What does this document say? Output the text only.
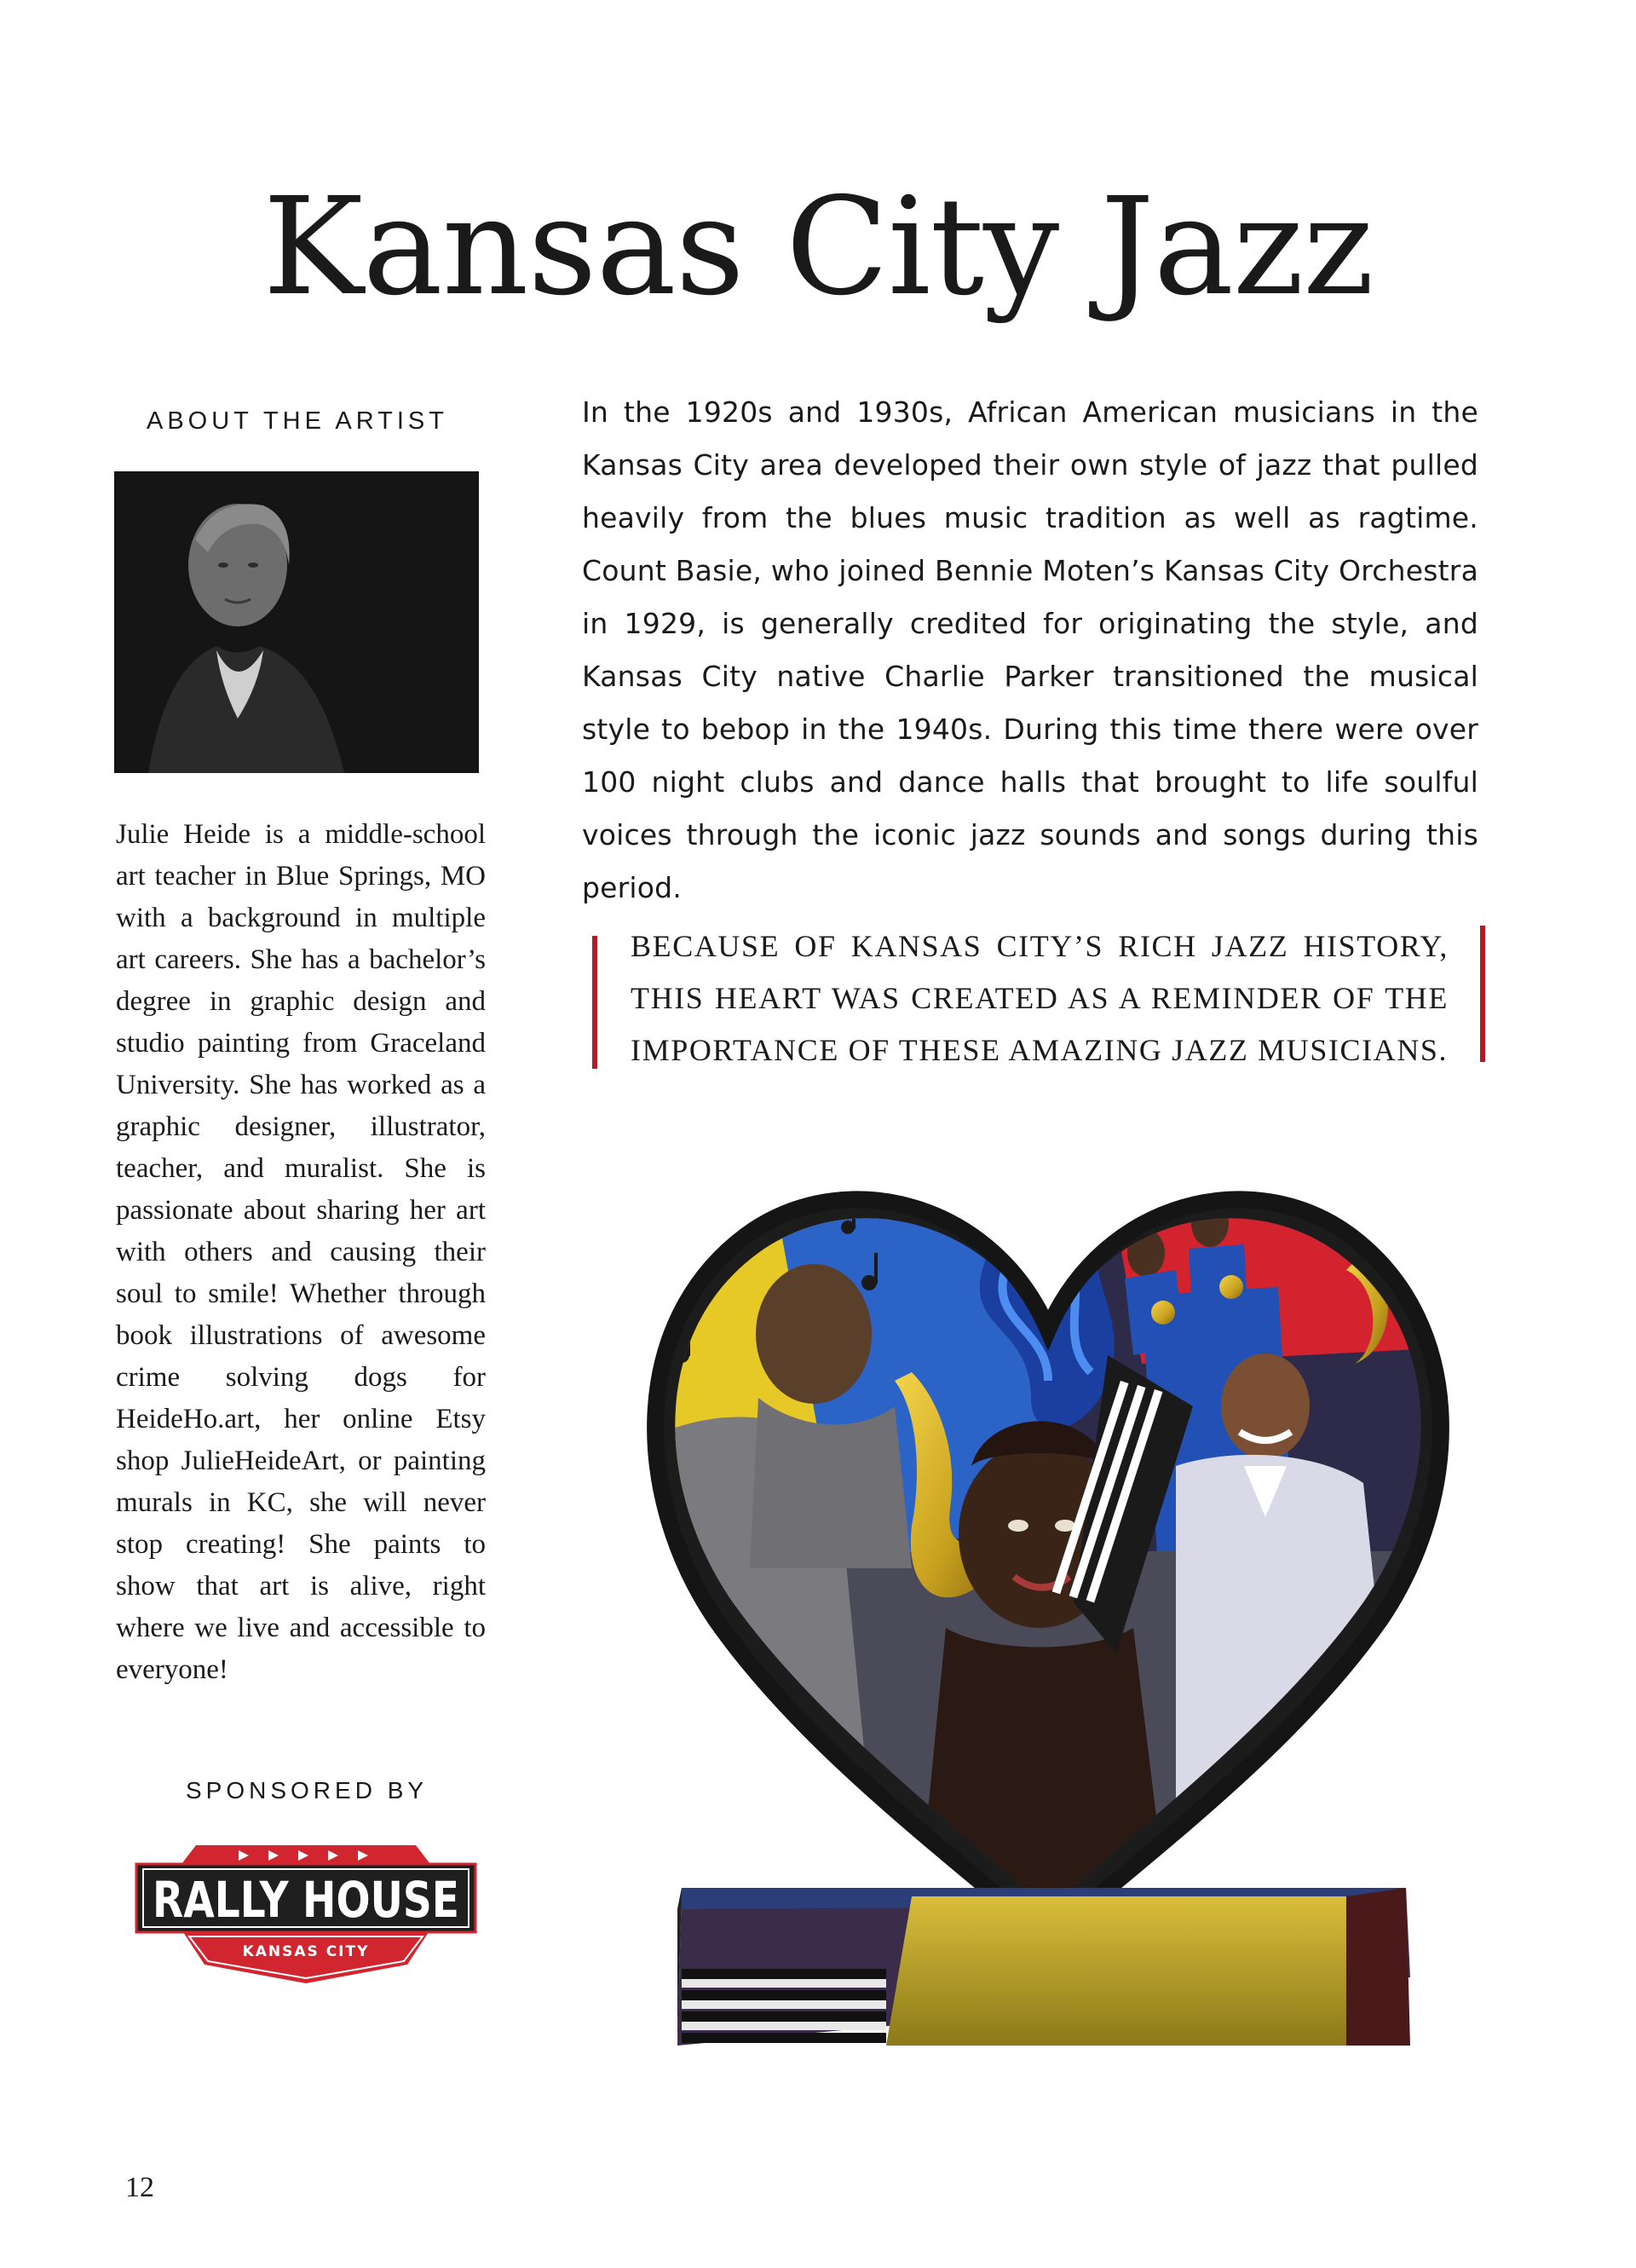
Kansas City Jazz
ABOUT THE ARTIST
Julie Heide is a middle-school art teacher in Blue Springs, MO with a background in multiple art careers. She has a bachelor’s degree in graphic design and studio painting from Graceland University. She has worked as a graphic designer, illustrator, teacher, and muralist. She is passionate about sharing her art with others and causing their soul to smile! Whether through book illustrations of awesome crime solving dogs for HeideHo.art, her online Etsy shop JulieHeideArt, or painting murals in KC, she will never stop creating! She paints to show that art is alive, right where we live and accessible to everyone!
SPONSORED BY
RALLY HOUSE
KANSAS CITY
In the 1920s and 1930s, African American musicians in the Kansas City area developed their own style of jazz that pulled heavily from the blues music tradition as well as ragtime. Count Basie, who joined Bennie Moten’s Kansas City Orchestra in 1929, is generally credited for originating the style, and Kansas City native Charlie Parker transitioned the musical style to bebop in the 1940s. During this time there were over 100 night clubs and dance halls that brought to life soulful voices through the iconic jazz sounds and songs during this period.
BECAUSE OF KANSAS CITY’S RICH JAZZ HISTORY, THIS HEART WAS CREATED AS A REMINDER OF THE IMPORTANCE OF THESE AMAZING JAZZ MUSICIANS.
12
